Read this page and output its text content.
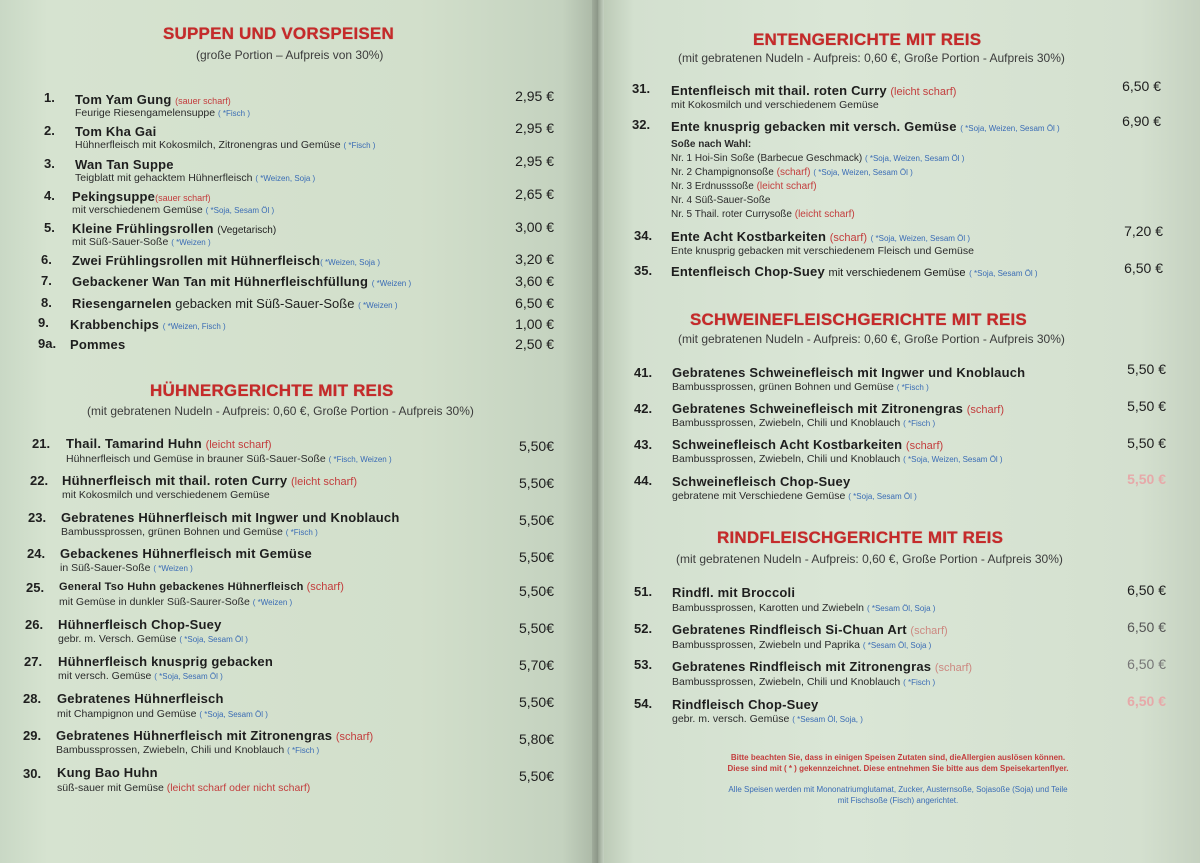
SUPPEN UND VORSPEISEN
(große Portion – Aufpreis von 30%)
1. Tom Yam Gung (sauer scharf)
Feurige Riesengamelensuppe ( *Fisch )
2,95 €
2. Tom Kha Gai
Hühnerfleisch mit Kokosmilch, Zitronengras und Gemüse ( *Fisch )
2,95 €
3. Wan Tan Suppe
Teigblatt mit gehacktem Hühnerfleisch ( *Weizen, Soja )
2,95 €
4. Pekingsuppe(sauer scharf)
mit verschiedenem Gemüse ( *Soja, Sesam Öl )
2,65 €
5. Kleine Frühlingsrollen (Vegetarisch)
mit Süß-Sauer-Soße ( *Weizen )
3,00 €
6. Zwei Frühlingsrollen mit Hühnerfleisch( *Weizen, Soja )	3,20 €
7. Gebackener Wan Tan mit Hühnerfleischfüllung ( *Weizen )	3,60 €
8. Riesengarnelen gebacken mit Süß-Sauer-Soße ( *Weizen )	6,50 €
9. Krabbenchips ( *Weizen, Fisch )	1,00 €
9a. Pommes	2,50 €
HÜHNERGERICHTE MIT REIS
(mit gebratenen Nudeln - Aufpreis: 0,60 €, Große Portion - Aufpreis 30%)
21. Thail. Tamarind Huhn (leicht scharf)
Hühnerfleisch und Gemüse in brauner Süß-Sauer-Soße ( *Fisch, Weizen )
5,50€
22. Hühnerfleisch mit thail. roten Curry (leicht scharf)
mit Kokosmilch und verschiedenem Gemüse
5,50€
23. Gebratenes Hühnerfleisch mit Ingwer und Knoblauch
Bambussprossen, grünen Bohnen und Gemüse ( *Fisch )
5,50€
24. Gebackenes Hühnerfleisch mit Gemüse
in Süß-Sauer-Soße ( *Weizen )
5,50€
25. General Tso Huhn gebackenes Hühnerfleisch (scharf)
mit Gemüse in dunkler Süß-Saurer-Soße ( *Weizen )
5,50€
26. Hühnerfleisch Chop-Suey
gebr. m. Versch. Gemüse ( *Soja, Sesam Öl )
5,50€
27. Hühnerfleisch knusprig gebacken
mit versch. Gemüse ( *Soja, Sesam Öl )
5,70€
28. Gebratenes Hühnerfleisch
mit Champignon und Gemüse ( *Soja, Sesam Öl )
5,50€
29. Gebratenes Hühnerfleisch mit Zitronengras (scharf)
Bambussprossen, Zwiebeln, Chili und Knoblauch ( *Fisch )
5,80€
30. Kung Bao Huhn
süß-sauer mit Gemüse (leicht scharf oder nicht scharf)
5,50€
ENTENGERICHTE MIT REIS
(mit gebratenen Nudeln - Aufpreis: 0,60 €, Große Portion - Aufpreis 30%)
31. Entenfleisch mit thail. roten Curry (leicht scharf)
mit Kokosmilch und verschiedenem Gemüse
6,50 €
32. Ente knusprig gebacken mit versch. Gemüse ( *Soja, Weizen, Sesam Öl )	6,90 €
Soße nach Wahl:
Nr. 1 Hoi-Sin Soße (Barbecue Geschmack) ( *Soja, Weizen, Sesam Öl )
Nr. 2 Champignonsoße (scharf) ( *Soja, Weizen, Sesam Öl )
Nr. 3 Erdnusssoße (leicht scharf)
Nr. 4 Süß-Sauer-Soße
Nr. 5 Thail. roter Currysoße (leicht scharf)
34. Ente Acht Kostbarkeiten (scharf) ( *Soja, Weizen, Sesam Öl )
Ente knusprig gebacken mit verschiedenem Fleisch und Gemüse
7,20 €
35. Entenfleisch Chop-Suey mit verschiedenem Gemüse ( *Soja, Sesam Öl )	6,50 €
SCHWEINEFLEISCHGERICHTE MIT REIS
(mit gebratenen Nudeln - Aufpreis: 0,60 €, Große Portion - Aufpreis 30%)
41. Gebratenes Schweinefleisch mit Ingwer und Knoblauch
Bambussprossen, grünen Bohnen und Gemüse ( *Fisch )
5,50 €
42. Gebratenes Schweinefleisch mit Zitronengras (scharf)
Bambussprossen, Zwiebeln, Chili und Knoblauch ( *Fisch )
5,50 €
43. Schweinefleisch Acht Kostbarkeiten (scharf)
Bambussprossen, Zwiebeln, Chili und Knoblauch ( *Soja, Weizen, Sesam Öl )
5,50 €
44. Schweinefleisch Chop-Suey
gebratene mit Verschiedene Gemüse ( *Soja, Sesam Öl )
5,50 €
RINDFLEISCHGERICHTE MIT REIS
(mit gebratenen Nudeln - Aufpreis: 0,60 €, Große Portion - Aufpreis 30%)
51. Rindfl. mit Broccoli
Bambussprossen, Karotten und Zwiebeln ( *Sesam Öl, Soja )
6,50 €
52. Gebratenes Rindfleisch Si-Chuan Art (scharf)
Bambussprossen, Zwiebeln und Paprika ( *Sesam Öl, Soja )
6,50 €
53. Gebratenes Rindfleisch mit Zitronengras (scharf)
Bambussprossen, Zwiebeln, Chili und Knoblauch ( *Fisch )
6,50 €
54. Rindfleisch Chop-Suey
gebr. m. versch. Gemüse ( *Sesam Öl, Soja, )
6,50 €
Bitte beachten Sie, dass in einigen Speisen Zutaten sind, dieAllergien auslösen können.
Diese sind mit ( * ) gekennzeichnet. Diese entnehmen Sie bitte aus dem Speisekartenflyer.
Alle Speisen werden mit Mononatriumglutamat, Zucker, Austernsoße, Sojasoße (Soja) und Teile
mit Fischsoße (Fisch) angerichtet.
